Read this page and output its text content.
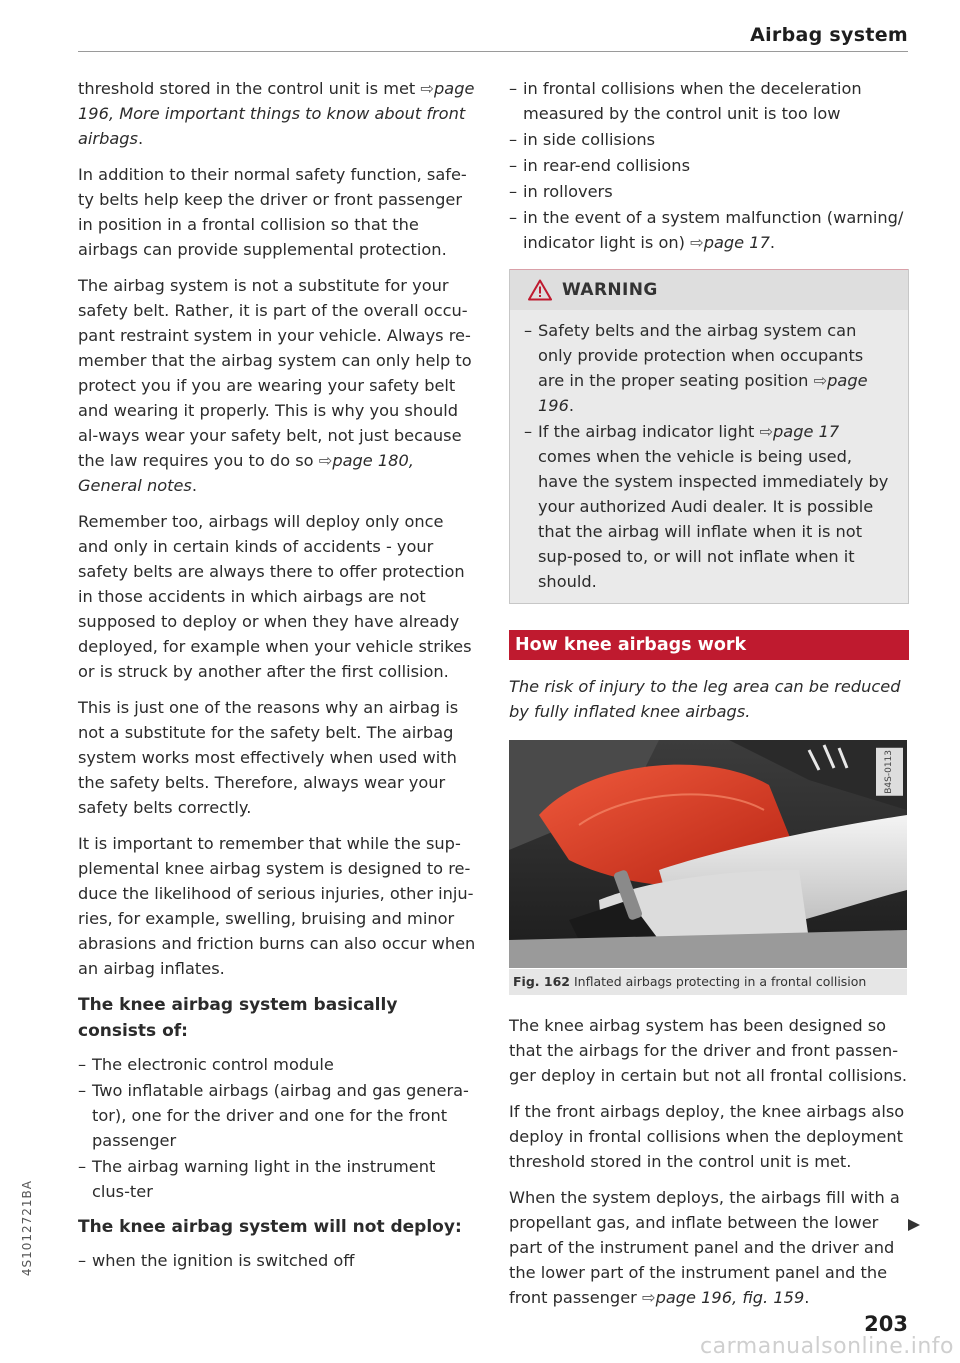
Airbag system

threshold stored in the control unit is met ⇨page 196, More important things to know about front airbags.

In addition to their normal safety function, safe-ty belts help keep the driver or front passenger in position in a frontal collision so that the airbags can provide supplemental protection.

The airbag system is not a substitute for your safety belt. Rather, it is part of the overall occu-pant restraint system in your vehicle. Always re-member that the airbag system can only help to protect you if you are wearing your safety belt and wearing it properly. This is why you should al-ways wear your safety belt, not just because the law requires you to do so ⇨page 180, General notes.

Remember too, airbags will deploy only once and only in certain kinds of accidents - your safety belts are always there to offer protection in those accidents in which airbags are not supposed to deploy or when they have already deployed, for example when your vehicle strikes or is struck by another after the first collision.

This is just one of the reasons why an airbag is not a substitute for the safety belt. The airbag system works most effectively when used with the safety belts. Therefore, always wear your safety belts correctly.

It is important to remember that while the sup-plemental knee airbag system is designed to re-duce the likelihood of serious injuries, other inju-ries, for example, swelling, bruising and minor abrasions and friction burns can also occur when an airbag inflates.

The knee airbag system basically consists of:
– The electronic control module
– Two inflatable airbags (airbag and gas genera-tor), one for the driver and one for the front passenger
– The airbag warning light in the instrument clus-ter
The knee airbag system will not deploy:
– when the ignition is switched off
– in frontal collisions when the deceleration measured by the control unit is too low
– in side collisions
– in rear-end collisions
– in rollovers
– in the event of a system malfunction (warning/ indicator light is on) ⇨page 17.
WARNING
– Safety belts and the airbag system can only provide protection when occupants are in the proper seating position ⇨page 196.
– If the airbag indicator light ⇨page 17 comes when the vehicle is being used, have the system inspected immediately by your authorized Audi dealer. It is possible that the airbag will inflate when it is not sup-posed to, or will not inflate when it should.
How knee airbags work

The risk of injury to the leg area can be reduced by fully inflated knee airbags.

B4S-0113
Fig. 162 Inflated airbags protecting in a frontal collision

The knee airbag system has been designed so that the airbags for the driver and front passen-ger deploy in certain but not all frontal collisions.

If the front airbags deploy, the knee airbags also deploy in frontal collisions when the deployment threshold stored in the control unit is met.

When the system deploys, the airbags fill with a propellant gas, and inflate between the lower part of the instrument panel and the driver and the lower part of the instrument panel and the front passenger ⇨page 196, fig. 159.

203
4S1012721BA
carmanualsonline.info
